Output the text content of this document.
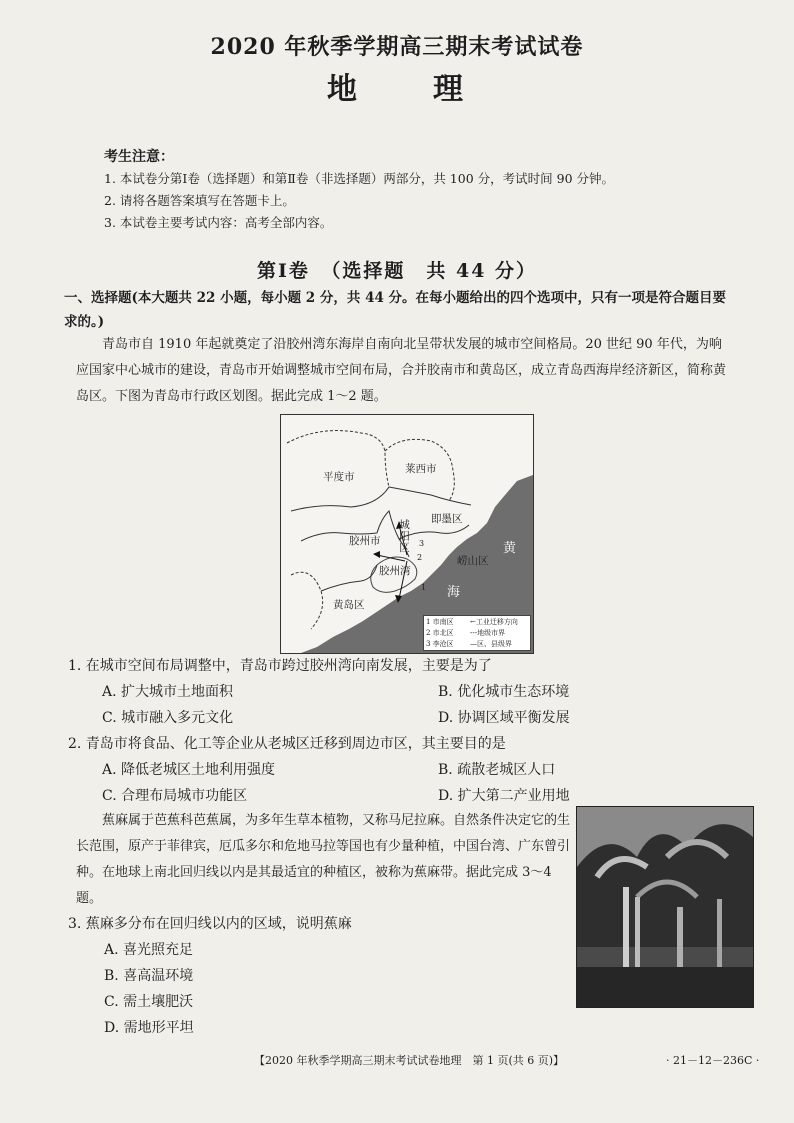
2020 年秋季学期高三期末考试试卷
地 理
考生注意：
1. 本试卷分第Ⅰ卷（选择题）和第Ⅱ卷（非选择题）两部分，共 100 分，考试时间 90 分钟。
2. 请将各题答案填写在答题卡上。
3. 本试卷主要考试内容：高考全部内容。
第Ⅰ卷　（选择题　共 44 分）
一、选择题(本大题共 22 小题，每小题 2 分，共 44 分。在每小题给出的四个选项中，只有一项是符合题目要求的。)
青岛市自 1910 年起就奠定了沿胶州湾东海岸自南向北呈带状发展的城市空间格局。20 世纪 90 年代，为响应国家中心城市的建设，青岛市开始调整城市空间布局，合并胶南市和黄岛区，成立青岛西海岸经济新区，简称黄岛区。下图为青岛市行政区划图。据此完成 1～2 题。
平度市
莱西市
即墨区
城阳区
胶州市
崂山区
胶州湾
黄岛区
黄
海
1
2
3
1 市南区
2 市北区
3 李沧区
←工业迁移方向
---地级市界
—区、县级界
1. 在城市空间布局调整中，青岛市跨过胶州湾向南发展，主要是为了
A. 扩大城市土地面积	B. 优化城市生态环境
C. 城市融入多元文化	D. 协调区域平衡发展
2. 青岛市将食品、化工等企业从老城区迁移到周边市区，其主要目的是
A. 降低老城区土地利用强度	B. 疏散老城区人口
C. 合理布局城市功能区	D. 扩大第二产业用地
蕉麻属于芭蕉科芭蕉属，为多年生草本植物，又称马尼拉麻。自然条件决定它的生长范围，原产于菲律宾，厄瓜多尔和危地马拉等国也有少量种植，中国台湾、广东曾引种。在地球上南北回归线以内是其最适宜的种植区，被称为蕉麻带。据此完成 3～4 题。
3. 蕉麻多分布在回归线以内的区域，说明蕉麻
A. 喜光照充足
B. 喜高温环境
C. 需土壤肥沃
D. 需地形平坦
【2020 年秋季学期高三期末考试试卷地理　第 1 页(共 6 页)】	· 21－12－236C ·
